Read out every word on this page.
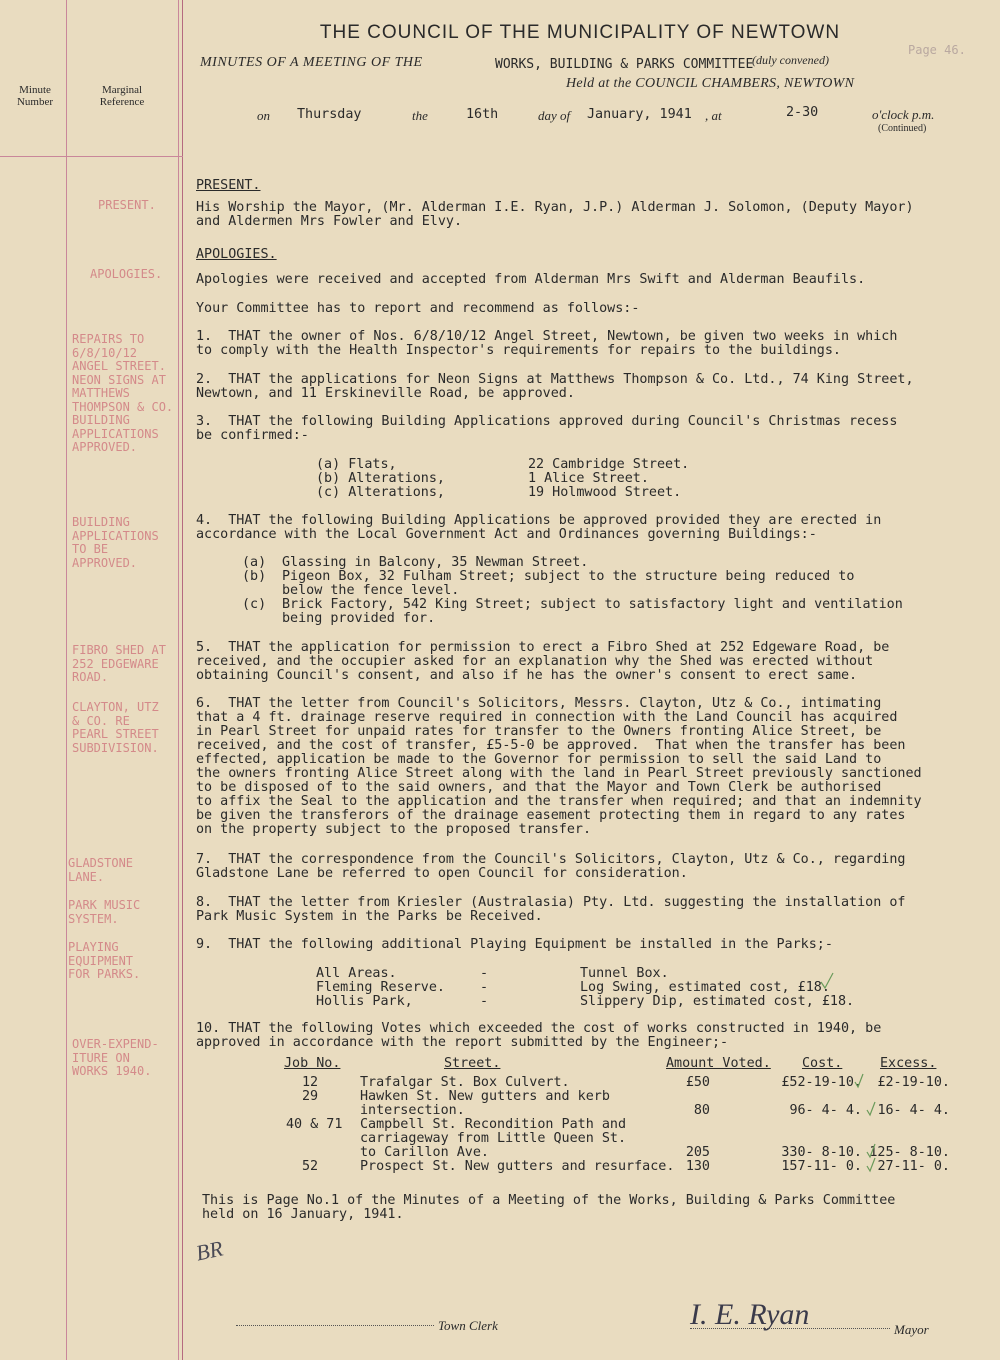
Minute
Number
Marginal
Reference
THE COUNCIL OF THE MUNICIPALITY OF NEWTOWN
Page 46.
MINUTES OF A MEETING OF THE	WORKS, BUILDING & PARKS COMMITTEE
(duly convened)
Held at the COUNCIL CHAMBERS, NEWTOWN
on Thursday	the	16th	day of January, 1941 , at	2-30	o'clock p.m.
(Continued)
PRESENT.
APOLOGIES.
REPAIRS TO
6/8/10/12
ANGEL STREET.
NEON SIGNS AT
MATTHEWS
THOMPSON & CO.
BUILDING
APPLICATIONS
APPROVED.
BUILDING
APPLICATIONS
TO BE
APPROVED.
FIBRO SHED AT
252 EDGEWARE
ROAD.
CLAYTON, UTZ
& CO. RE
PEARL STREET
SUBDIVISION.
GLADSTONE
LANE.
PARK MUSIC
SYSTEM.
PLAYING
EQUIPMENT
FOR PARKS.
OVER-EXPEND-
ITURE ON
WORKS 1940.
PRESENT.
His Worship the Mayor, (Mr. Alderman I.E. Ryan, J.P.) Alderman J. Solomon, (Deputy Mayor)
and Aldermen Mrs Fowler and Elvy.
APOLOGIES.
Apologies were received and accepted from Alderman Mrs Swift and Alderman Beaufils.
Your Committee has to report and recommend as follows:-
1.  THAT the owner of Nos. 6/8/10/12 Angel Street, Newtown, be given two weeks in which
to comply with the Health Inspector's requirements for repairs to the buildings.
2.  THAT the applications for Neon Signs at Matthews Thompson & Co. Ltd., 74 King Street,
Newtown, and 11 Erskineville Road, be approved.
3.  THAT the following Building Applications approved during Council's Christmas recess
be confirmed:-
(a) Flats,	22 Cambridge Street.
(b) Alterations,	1 Alice Street.
(c) Alterations,	19 Holmwood Street.
4.  THAT the following Building Applications be approved provided they are erected in
accordance with the Local Government Act and Ordinances governing Buildings:-
(a)	Glassing in Balcony, 35 Newman Street.
(b)	Pigeon Box, 32 Fulham Street; subject to the structure being reduced to
below the fence level.
(c)	Brick Factory, 542 King Street; subject to satisfactory light and ventilation
being provided for.
5.  THAT the application for permission to erect a Fibro Shed at 252 Edgeware Road, be
received, and the occupier asked for an explanation why the Shed was erected without
obtaining Council's consent, and also if he has the owner's consent to erect same.
6.  THAT the letter from Council's Solicitors, Messrs. Clayton, Utz & Co., intimating
that a 4 ft. drainage reserve required in connection with the Land Council has acquired
in Pearl Street for unpaid rates for transfer to the Owners fronting Alice Street, be
received, and the cost of transfer, £5-5-0 be approved.  That when the transfer has been
effected, application be made to the Governor for permission to sell the said Land to
the owners fronting Alice Street along with the land in Pearl Street previously sanctioned
to be disposed of to the said owners, and that the Mayor and Town Clerk be authorised
to affix the Seal to the application and the transfer when required; and that an indemnity
be given the transferors of the drainage easement protecting them in regard to any rates
on the property subject to the proposed transfer.
7.  THAT the correspondence from the Council's Solicitors, Clayton, Utz & Co., regarding
Gladstone Lane be referred to open Council for consideration.
8.  THAT the letter from Kriesler (Australasia) Pty. Ltd. suggesting the installation of
Park Music System in the Parks be Received.
9.  THAT the following additional Playing Equipment be installed in the Parks;-
All Areas.	-	Tunnel Box.
Fleming Reserve.	-	Log Swing, estimated cost, £18.
Hollis Park,	-	Slippery Dip, estimated cost, £18.
10. THAT the following Votes which exceeded the cost of works constructed in 1940, be
approved in accordance with the report submitted by the Engineer;-
Job No.	Street.	Amount Voted. Cost.	Excess.
12	Trafalgar St. Box Culvert.	£50	£52-19-10.	£2-19-10.
29	Hawken St. New gutters and kerb
intersection.	80	96- 4- 4.	16- 4- 4.
40 & 71 Campbell St. Recondition Path and
carriageway from Little Queen St.
to Carillon Ave.	205	330- 8-10. 125- 8-10.
52	Prospect St. New gutters and resurface. 130	157-11- 0.	27-11- 0.
This is Page No.1 of the Minutes of a Meeting of the Works, Building & Parks Committee
held on 16 January, 1941.
BR
Town Clerk	I. E. Ryan	Mayor
